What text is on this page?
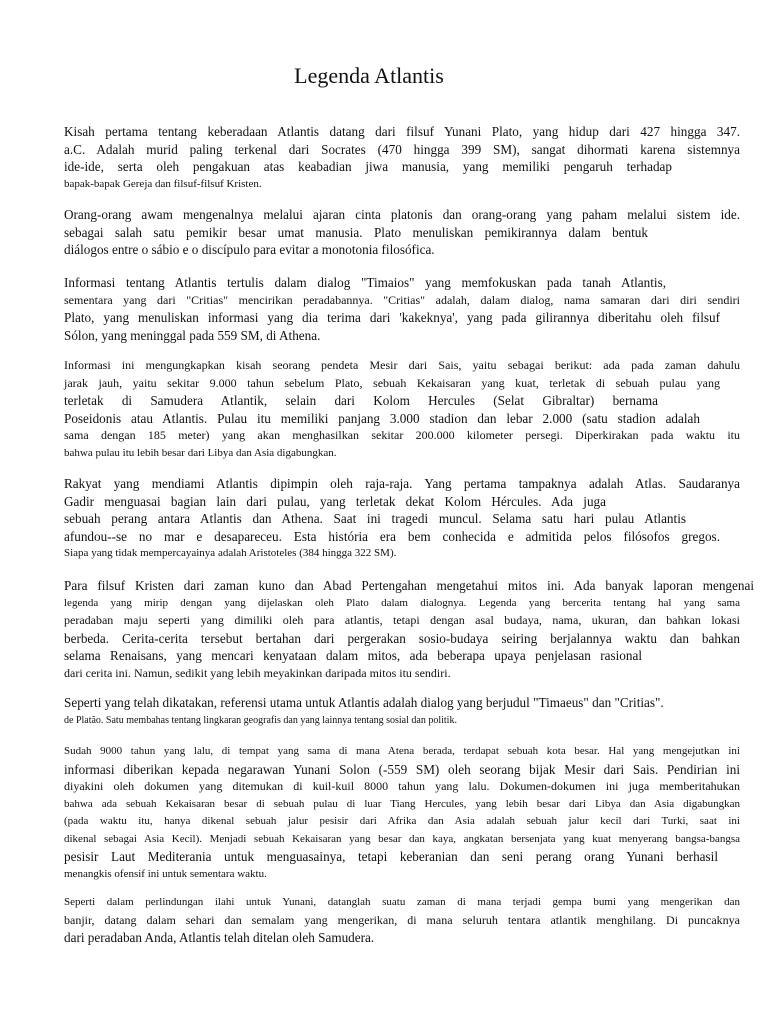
Legenda Atlantis
Kisah pertama tentang keberadaan Atlantis datang dari filsuf Yunani Plato, yang hidup dari 427 hingga 347.
a.C. Adalah murid paling terkenal dari Socrates (470 hingga 399 SM), sangat dihormati karena sistemnya
ide-ide, serta oleh pengakuan atas keabadian jiwa manusia, yang memiliki pengaruh terhadap
bapak-bapak Gereja dan filsuf-filsuf Kristen.
Orang-orang awam mengenalnya melalui ajaran cinta platonis dan orang-orang yang paham melalui sistem ide.
sebagai salah satu pemikir besar umat manusia. Plato menuliskan pemikirannya dalam bentuk
diálogos entre o sábio e o discípulo para evitar a monotonia filosófica.
Informasi tentang Atlantis tertulis dalam dialog "Timaios" yang memfokuskan pada tanah Atlantis,
sementara yang dari "Critias" mencirikan peradabannya. "Critias" adalah, dalam dialog, nama samaran dari diri sendiri
Plato, yang menuliskan informasi yang dia terima dari 'kakeknya', yang pada gilirannya diberitahu oleh filsuf
Sólon, yang meninggal pada 559 SM, di Athena.
Informasi ini mengungkapkan kisah seorang pendeta Mesir dari Sais, yaitu sebagai berikut: ada pada zaman dahulu
jarak jauh, yaitu sekitar 9.000 tahun sebelum Plato, sebuah Kekaisaran yang kuat, terletak di sebuah pulau yang
terletak di Samudera Atlantik, selain dari Kolom Hercules (Selat Gibraltar) bernama
Poseidonis atau Atlantis. Pulau itu memiliki panjang 3.000 stadion dan lebar 2.000 (satu stadion adalah
sama dengan 185 meter) yang akan menghasilkan sekitar 200.000 kilometer persegi. Diperkirakan pada waktu itu
bahwa pulau itu lebih besar dari Libya dan Asia digabungkan.
Rakyat yang mendiami Atlantis dipimpin oleh raja-raja. Yang pertama tampaknya adalah Atlas. Saudaranya
Gadir menguasai bagian lain dari pulau, yang terletak dekat Kolom Hércules. Ada juga
sebuah perang antara Atlantis dan Athena. Saat ini tragedi muncul. Selama satu hari pulau Atlantis
afundou--se no mar e desapareceu. Esta história era bem conhecida e admitida pelos filósofos gregos.
Siapa yang tidak mempercayainya adalah Aristoteles (384 hingga 322 SM).
Para filsuf Kristen dari zaman kuno dan Abad Pertengahan mengetahui mitos ini. Ada banyak laporan mengenai
legenda yang mirip dengan yang dijelaskan oleh Plato dalam dialognya. Legenda yang bercerita tentang hal yang sama
peradaban maju seperti yang dimiliki oleh para atlantis, tetapi dengan asal budaya, nama, ukuran, dan bahkan lokasi
berbeda. Cerita-cerita tersebut bertahan dari pergerakan sosio-budaya seiring berjalannya waktu dan bahkan
selama Renaisans, yang mencari kenyataan dalam mitos, ada beberapa upaya penjelasan rasional
dari cerita ini. Namun, sedikit yang lebih meyakinkan daripada mitos itu sendiri.
Seperti yang telah dikatakan, referensi utama untuk Atlantis adalah dialog yang berjudul "Timaeus" dan "Critias".
de Platão. Satu membahas tentang lingkaran geografis dan yang lainnya tentang sosial dan politik.
Sudah 9000 tahun yang lalu, di tempat yang sama di mana Atena berada, terdapat sebuah kota besar. Hal yang mengejutkan ini
informasi diberikan kepada negarawan Yunani Solon (-559 SM) oleh seorang bijak Mesir dari Sais. Pendirian ini
diyakini oleh dokumen yang ditemukan di kuil-kuil 8000 tahun yang lalu. Dokumen-dokumen ini juga memberitahukan
bahwa ada sebuah Kekaisaran besar di sebuah pulau di luar Tiang Hercules, yang lebih besar dari Libya dan Asia digabungkan
(pada waktu itu, hanya dikenal sebuah jalur pesisir dari Afrika dan Asia adalah sebuah jalur kecil dari Turki, saat ini
dikenal sebagai Asia Kecil). Menjadi sebuah Kekaisaran yang besar dan kaya, angkatan bersenjata yang kuat menyerang bangsa-bangsa
pesisir Laut Mediterania untuk menguasainya, tetapi keberanian dan seni perang orang Yunani berhasil
menangkis ofensif ini untuk sementara waktu.
Seperti dalam perlindungan ilahi untuk Yunani, datanglah suatu zaman di mana terjadi gempa bumi yang mengerikan dan
banjir, datang dalam sehari dan semalam yang mengerikan, di mana seluruh tentara atlantik menghilang. Di puncaknya
dari peradaban Anda, Atlantis telah ditelan oleh Samudera.
